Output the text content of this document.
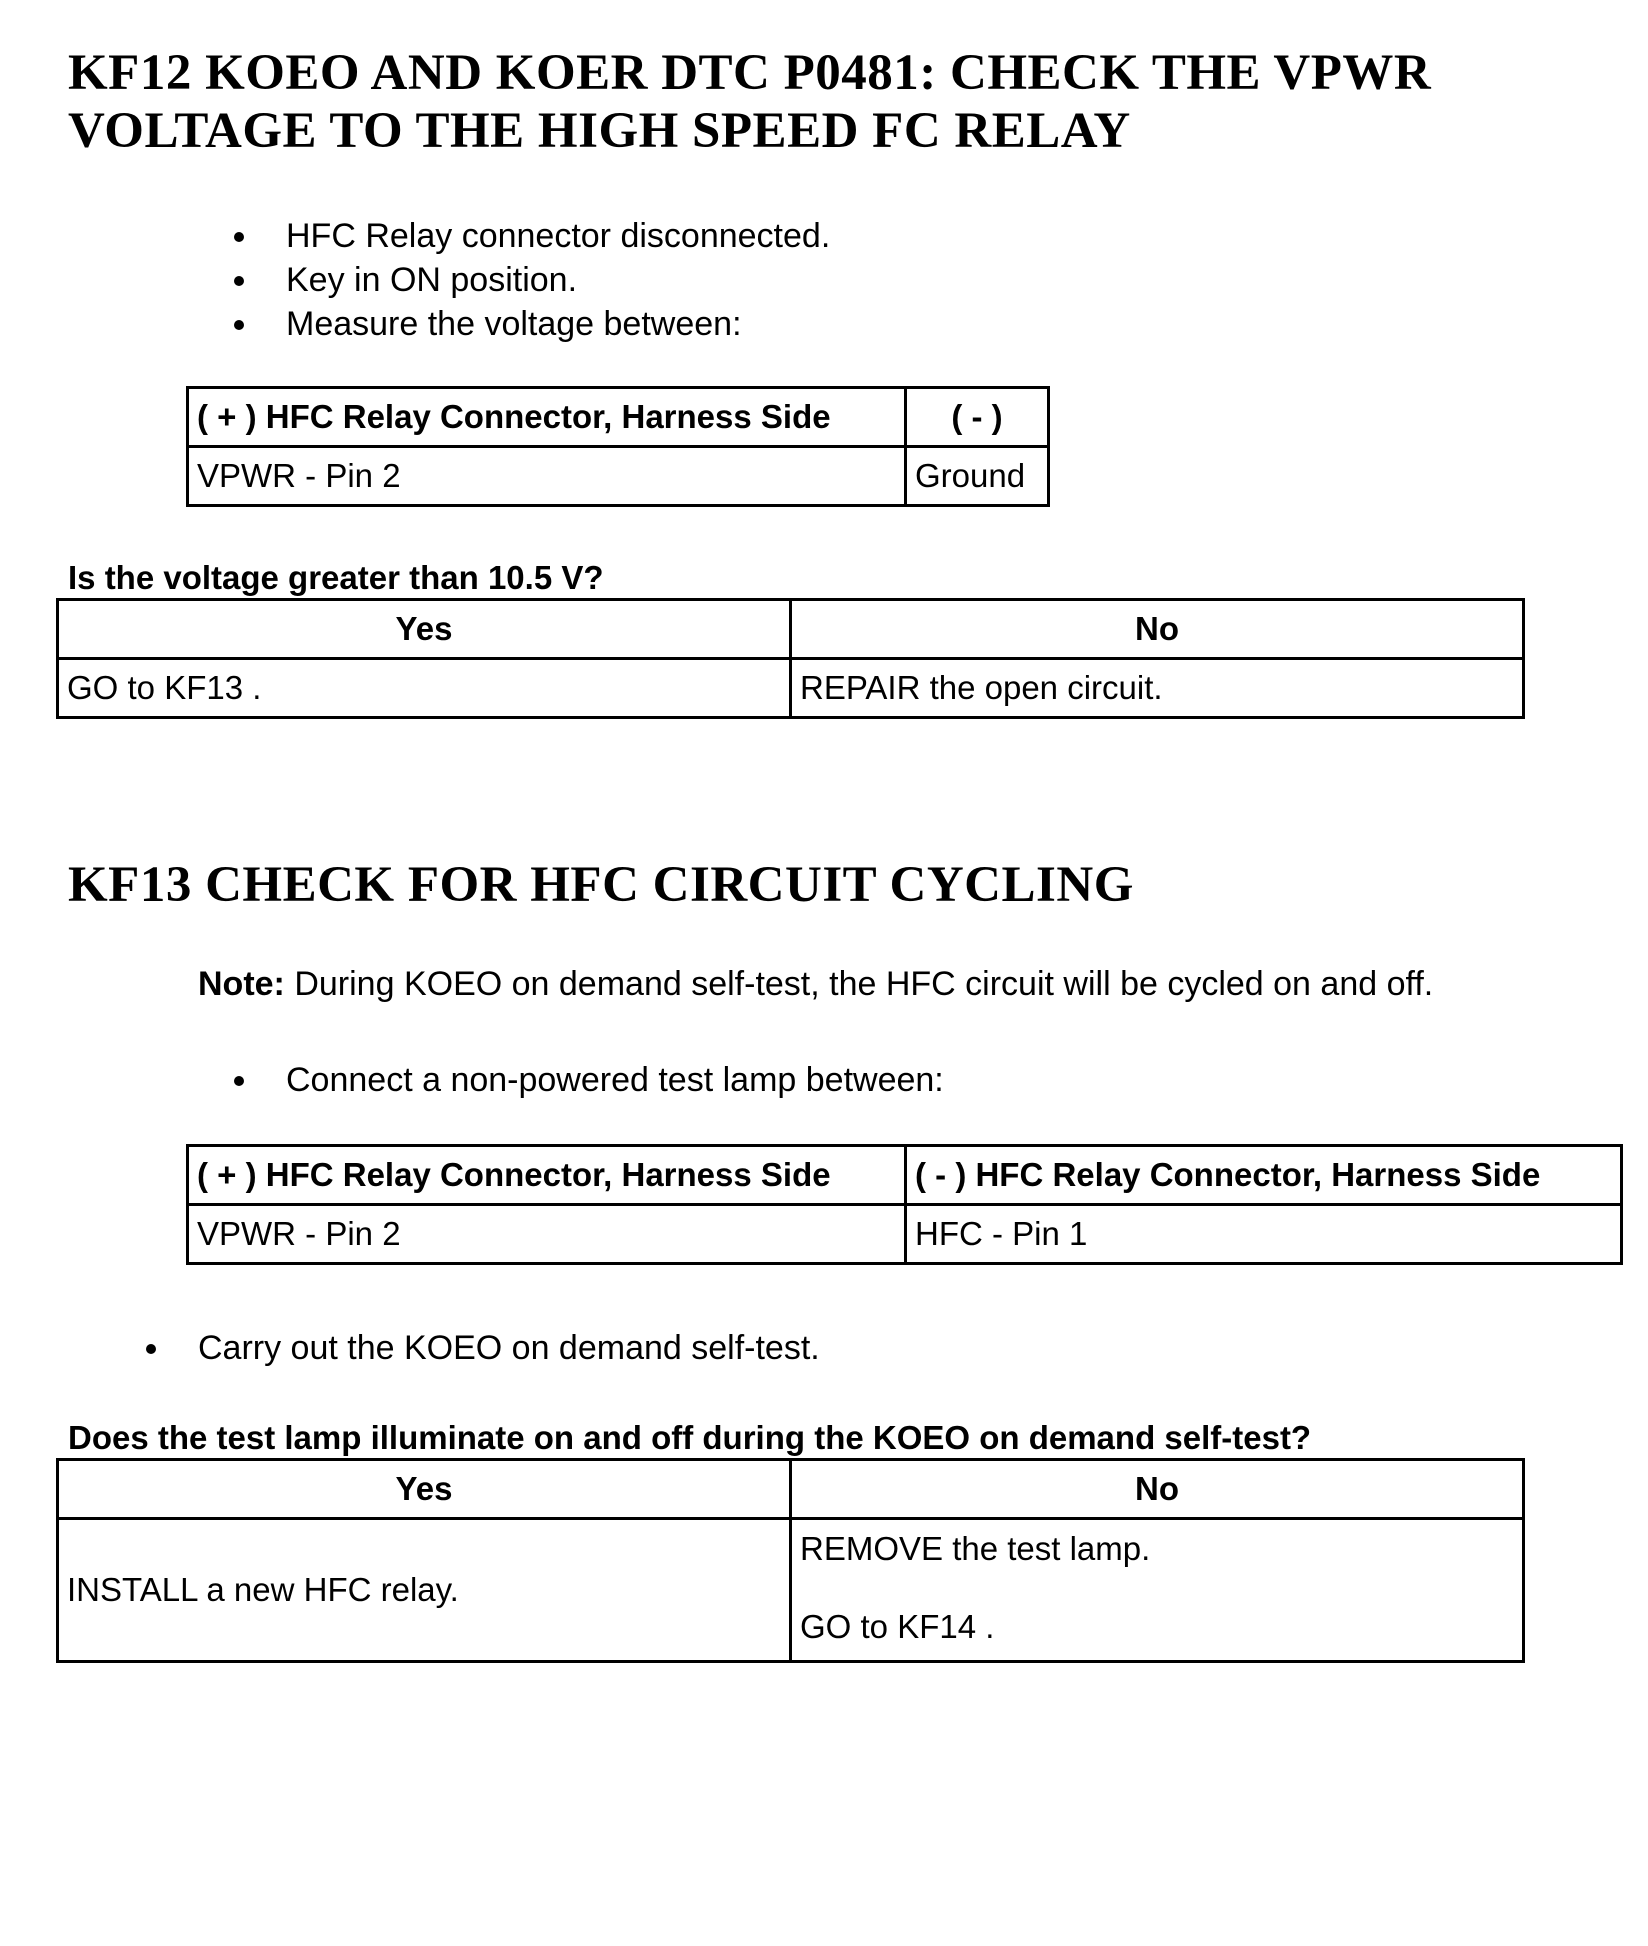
KF12 KOEO AND KOER DTC P0481: CHECK THE VPWR
VOLTAGE TO THE HIGH SPEED FC RELAY
HFC Relay connector disconnected.
Key in ON position.
Measure the voltage between:
( + ) HFC Relay Connector, Harness Side	( - )
VPWR - Pin 2	Ground

Is the voltage greater than 10.5 V?

Yes	No
GO to KF13 .	REPAIR the open circuit.
KF13 CHECK FOR HFC CIRCUIT CYCLING

Note: During KOEO on demand self-test, the HFC circuit will be cycled on and off.

Connect a non-powered test lamp between:
( + ) HFC Relay Connector, Harness Side	( - ) HFC Relay Connector, Harness Side
VPWR - Pin 2	HFC - Pin 1
Carry out the KOEO on demand self-test.

Does the test lamp illuminate on and off during the KOEO on demand self-test?

Yes	No
INSTALL a new HFC relay.	REMOVE the test lamp.
GO to KF14 .
